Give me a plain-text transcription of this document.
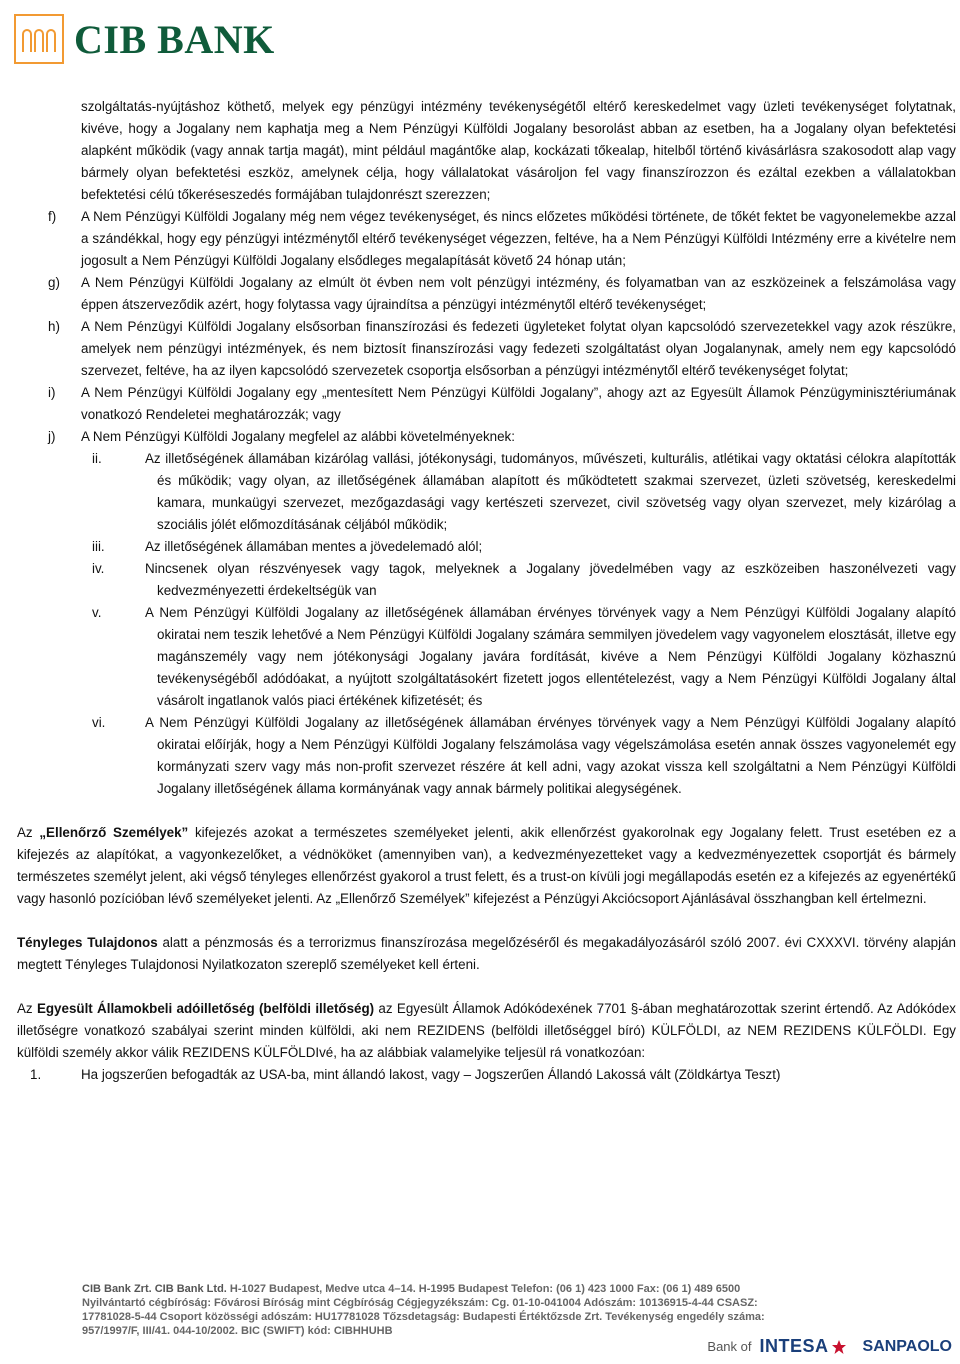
CIB BANK
szolgáltatás-nyújtáshoz köthető, melyek egy pénzügyi intézmény tevékenységétől eltérő kereskedelmet vagy üzleti tevékenységet folytatnak, kivéve, hogy a Jogalany nem kaphatja meg a Nem Pénzügyi Külföldi Jogalany besorolást abban az esetben, ha a Jogalany olyan befektetési alapként működik (vagy annak tartja magát), mint például magántőke alap, kockázati tőkealap, hitelből történő kivásárlásra szakosodott alap vagy bármely olyan befektetési eszköz, amelynek célja, hogy vállalatokat vásároljon fel vagy finanszírozzon és ezáltal ezekben a vállalatokban befektetési célú tőkeréseszedés formájában tulajdonrészt szerezzen;
f) A Nem Pénzügyi Külföldi Jogalany még nem végez tevékenységet, és nincs előzetes működési története, de tőkét fektet be vagyonelemekbe azzal a szándékkal, hogy egy pénzügyi intézménytől eltérő tevékenységet végezzen, feltéve, ha a Nem Pénzügyi Külföldi Intézmény erre a kivételre nem jogosult a Nem Pénzügyi Külföldi Jogalany elsődleges megalapítását követő 24 hónap után;
g) A Nem Pénzügyi Külföldi Jogalany az elmúlt öt évben nem volt pénzügyi intézmény, és folyamatban van az eszközeinek a felszámolása vagy éppen átszerveződik azért, hogy folytassa vagy újraindítsa a pénzügyi intézménytől eltérő tevékenységet;
h) A Nem Pénzügyi Külföldi Jogalany elsősorban finanszírozási és fedezeti ügyleteket folytat olyan kapcsolódó szervezetekkel vagy azok részükre, amelyek nem pénzügyi intézmények, és nem biztosít finanszírozási vagy fedezeti szolgáltatást olyan Jogalanynak, amely nem egy kapcsolódó szervezet, feltéve, ha az ilyen kapcsolódó szervezetek csoportja elsősorban a pénzügyi intézménytől eltérő tevékenységet folytat;
i) A Nem Pénzügyi Külföldi Jogalany egy „mentesített Nem Pénzügyi Külföldi Jogalany”, ahogy azt az Egyesült Államok Pénzügyminisztériumának vonatkozó Rendeletei meghatározzák; vagy
j) A Nem Pénzügyi Külföldi Jogalany megfelel az alábbi követelményeknek:
ii.	Az illetőségének államában kizárólag vallási, jótékonysági, tudományos, művészeti, kulturális, atlétikai vagy oktatási célokra alapították és működik; vagy olyan, az illetőségének államában alapított és működtetett szakmai szervezet, üzleti szövetség, kereskedelmi kamara, munkaügyi szervezet, mezőgazdasági vagy kertészeti szervezet, civil szövetség vagy olyan szervezet, mely kizárólag a szociális jólét előmozdításának céljából működik;
iii.	Az illetőségének államában mentes a jövedelemadó alól;
iv.	Nincsenek olyan részvényesek vagy tagok, melyeknek a Jogalany jövedelmében vagy az eszközeiben haszonélvezeti vagy kedvezményezetti érdekeltségük van
v.	A Nem Pénzügyi Külföldi Jogalany az illetőségének államában érvényes törvények vagy a Nem Pénzügyi Külföldi Jogalany alapító okiratai nem teszik lehetővé a Nem Pénzügyi Külföldi Jogalany számára semmilyen jövedelem vagy vagyonelem elosztását, illetve egy magánszemély vagy nem jótékonysági Jogalany javára fordítását, kivéve a Nem Pénzügyi Külföldi Jogalany közhasznú tevékenységéből adódóakat, a nyújtott szolgáltatásokért fizetett jogos ellentételezést, vagy a Nem Pénzügyi Külföldi Jogalany által vásárolt ingatlanok valós piaci értékének kifizetését; és
vi.	A Nem Pénzügyi Külföldi Jogalany az illetőségének államában érvényes törvények vagy a Nem Pénzügyi Külföldi Jogalany alapító okiratai előírják, hogy a Nem Pénzügyi Külföldi Jogalany felszámolása vagy végelszámolása esetén annak összes vagyonelemét egy kormányzati szerv vagy más non-profit szervezet részére át kell adni, vagy azokat vissza kell szolgáltatni a Nem Pénzügyi Külföldi Jogalany illetőségének állama kormányának vagy annak bármely politikai alegységének.
Az „Ellenőrző Személyek” kifejezés azokat a természetes személyeket jelenti, akik ellenőrzést gyakorolnak egy Jogalany felett. Trust esetében ez a kifejezés az alapítókat, a vagyonkezelőket, a védnököket (amennyiben van), a kedvezményezetteket vagy a kedvezményezettek csoportját és bármely természetes személyt jelent, aki végső tényleges ellenőrzést gyakorol a trust felett, és a trust-on kívüli jogi megállapodás esetén ez a kifejezés az egyenértékű vagy hasonló pozícióban lévő személyeket jelenti. Az „Ellenőrző Személyek” kifejezést a Pénzügyi Akciócsoport Ajánlásával összhangban kell értelmezni.
Tényleges Tulajdonos alatt a pénzmosás és a terrorizmus finanszírozása megelőzéséről és megakadályozásáról szóló 2007. évi CXXXVI. törvény alapján megtett Tényleges Tulajdonosi Nyilatkozaton szereplő személyeket kell érteni.
Az Egyesült Államokbeli adóilletőség (belföldi illetőség) az Egyesült Államok Adókódexének 7701 §-ában meghatározottak szerint értendő. Az Adókódex illetőségre vonatkozó szabályai szerint minden külföldi, aki nem REZIDENS (belföldi illetőséggel bíró) KÜLFÖLDI, az NEM REZIDENS KÜLFÖLDI. Egy külföldi személy akkor válik REZIDENS KÜLFÖLDIvé, ha az alábbiak valamelyike teljesül rá vonatkozóan:
1.	Ha jogszerűen befogadták az USA-ba, mint állandó lakost, vagy – Jogszerűen Állandó Lakossá vált (Zöldkártya Teszt)
CIB Bank Zrt. CIB Bank Ltd. H-1027 Budapest, Medve utca 4–14. H-1995 Budapest Telefon: (06 1) 423 1000 Fax: (06 1) 489 6500
Nyilvántartó cégbíróság: Fővárosi Bíróság mint Cégbíróság Cégjegyzékszám: Cg. 01-10-041004 Adószám: 10136915-4-44 CSASZ:
17781028-5-44 Csoport közösségi adószám: HU17781028 Tőzsdetagság: Budapesti Értéktőzsde Zrt. Tevékenység engedély száma:
957/1997/F, III/41. 044-10/2002. BIC (SWIFT) kód: CIBHHUHB
Bank of INTESA SANPAOLO
